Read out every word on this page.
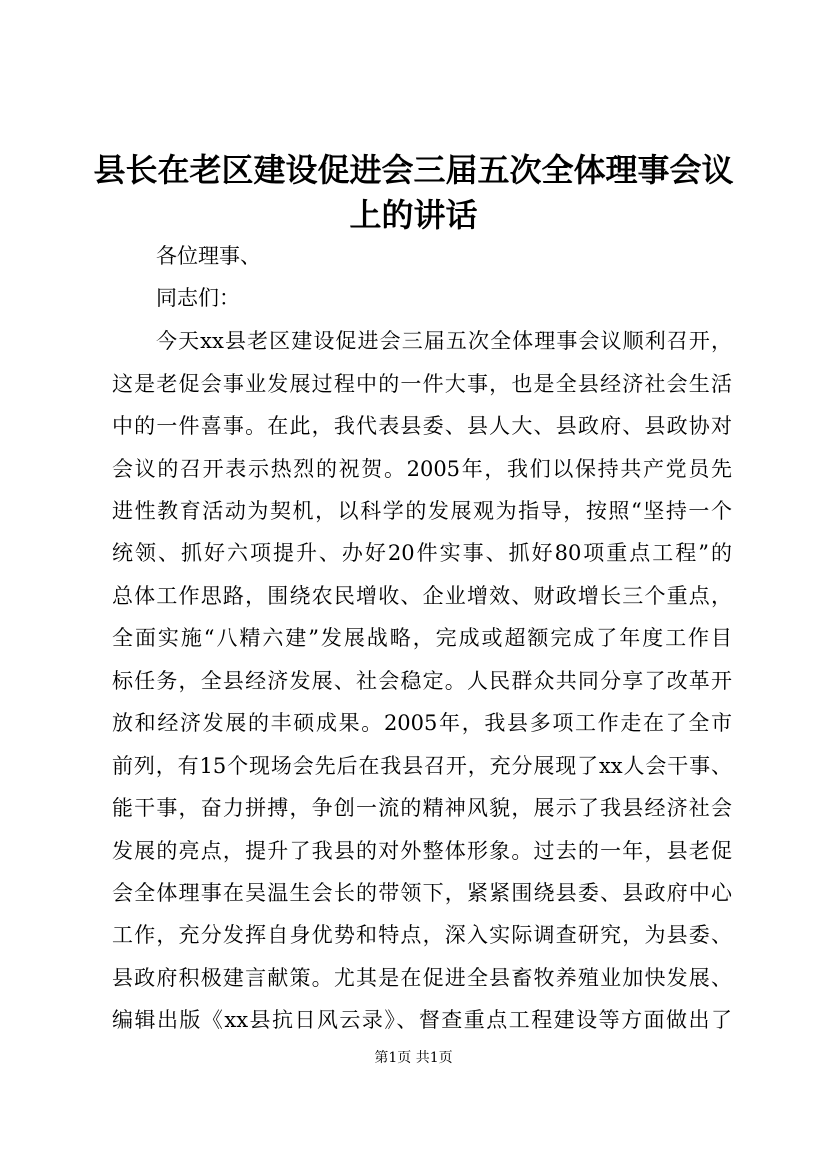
县长在老区建设促进会三届五次全体理事会议
上的讲话
各位理事、
同志们：
今天xx县老区建设促进会三届五次全体理事会议顺利召开，
这是老促会事业发展过程中的一件大事，也是全县经济社会生活
中的一件喜事。在此，我代表县委、县人大、县政府、县政协对
会议的召开表示热烈的祝贺。2005年，我们以保持共产党员先
进性教育活动为契机，以科学的发展观为指导，按照“坚持一个
统领、抓好六项提升、办好20件实事、抓好80项重点工程”的
总体工作思路，围绕农民增收、企业增效、财政增长三个重点，
全面实施“八精六建”发展战略，完成或超额完成了年度工作目
标任务，全县经济发展、社会稳定。人民群众共同分享了改革开
放和经济发展的丰硕成果。2005年，我县多项工作走在了全市
前列，有15个现场会先后在我县召开，充分展现了xx人会干事、
能干事，奋力拼搏，争创一流的精神风貌，展示了我县经济社会
发展的亮点，提升了我县的对外整体形象。过去的一年，县老促
会全体理事在吴温生会长的带领下，紧紧围绕县委、县政府中心
工作，充分发挥自身优势和特点，深入实际调查研究，为县委、
县政府积极建言献策。尤其是在促进全县畜牧养殖业加快发展、
编辑出版《xx县抗日风云录》、督查重点工程建设等方面做出了
第1页 共1页
